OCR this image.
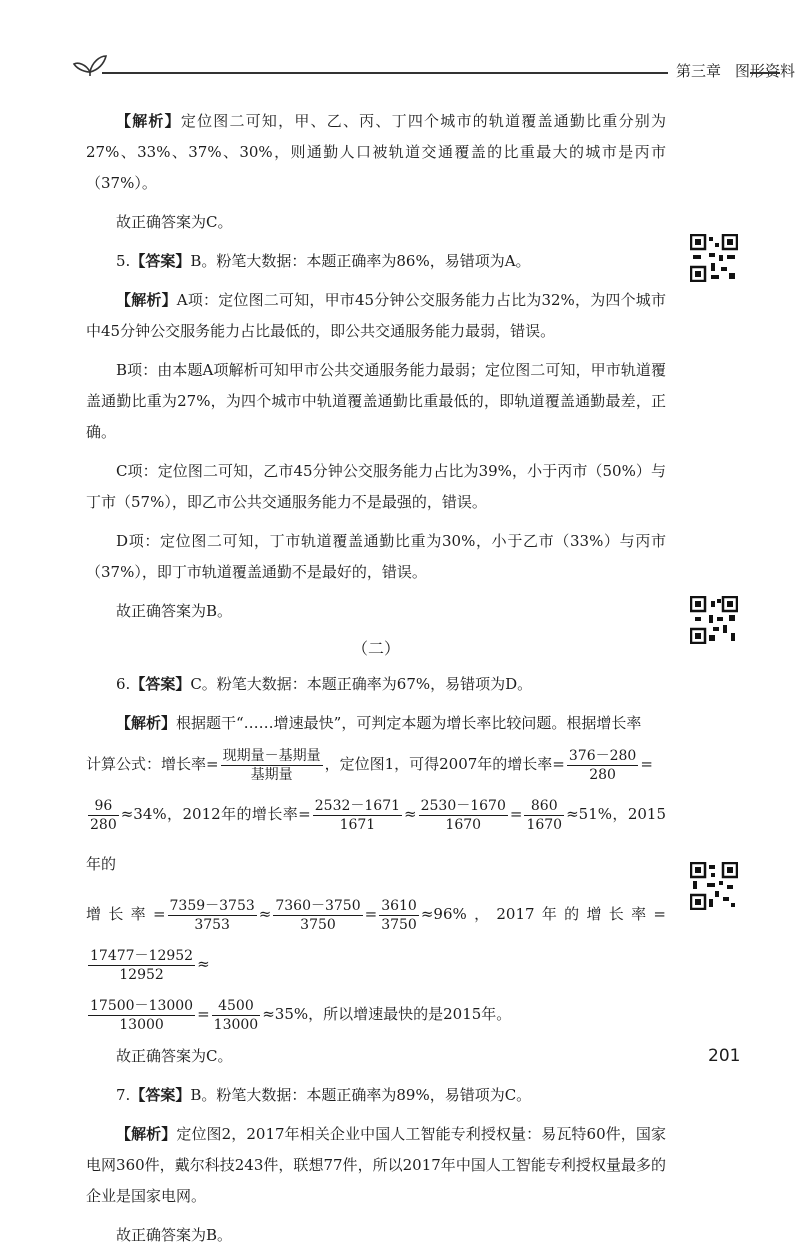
第三章 图形资料

【解析】定位图二可知，甲、乙、丙、丁四个城市的轨道覆盖通勤比重分别为27%、33%、37%、30%，则通勤人口被轨道交通覆盖的比重最大的城市是丙市（37%）。

故正确答案为C。

5.【答案】B。粉笔大数据：本题正确率为86%，易错项为A。

【解析】A项：定位图二可知，甲市45分钟公交服务能力占比为32%，为四个城市中45分钟公交服务能力占比最低的，即公共交通服务能力最弱，错误。

B项：由本题A项解析可知甲市公共交通服务能力最弱；定位图二可知，甲市轨道覆盖通勤比重为27%，为四个城市中轨道覆盖通勤比重最低的，即轨道覆盖通勤最差，正确。

C项：定位图二可知，乙市45分钟公交服务能力占比为39%，小于丙市（50%）与丁市（57%），即乙市公共交通服务能力不是最强的，错误。

D项：定位图二可知，丁市轨道覆盖通勤比重为30%，小于乙市（33%）与丙市（37%），即丁市轨道覆盖通勤不是最好的，错误。

故正确答案为B。

（二）

6.【答案】C。粉笔大数据：本题正确率为67%，易错项为D。

【解析】根据题干“……增速最快”，可判定本题为增长率比较问题。根据增长率

计算公式：增长率= $\frac{\text{现期量－基期量}}{\text{基期量}}$ ，定位图1，可得2007年的增长率= $\frac{376-280}{280}$ =

$\frac{96}{280} \approx 34\%$，2012年的增长率= $\frac{2532-1671}{1671} \approx \frac{2530-1670}{1670} = \frac{860}{1670} \approx 51\%$，2015年的

增长率= $\frac{7359-3753}{3753} \approx \frac{7360-3750}{3750} = \frac{3610}{3750} \approx 96\%$，2017年的增长率=
$\frac{17477-12952}{12952}$ ≈

$\frac{17500-13000}{13000} = \frac{4500}{13000} \approx 35\%$，所以增速最快的是2015年。

故正确答案为C。

7.【答案】B。粉笔大数据：本题正确率为89%，易错项为C。

【解析】定位图2，2017年相关企业中国人工智能专利授权量：易瓦特60件，国家电网360件，戴尔科技243件，联想77件，所以2017年中国人工智能专利授权量最多的企业是国家电网。

故正确答案为B。

201
